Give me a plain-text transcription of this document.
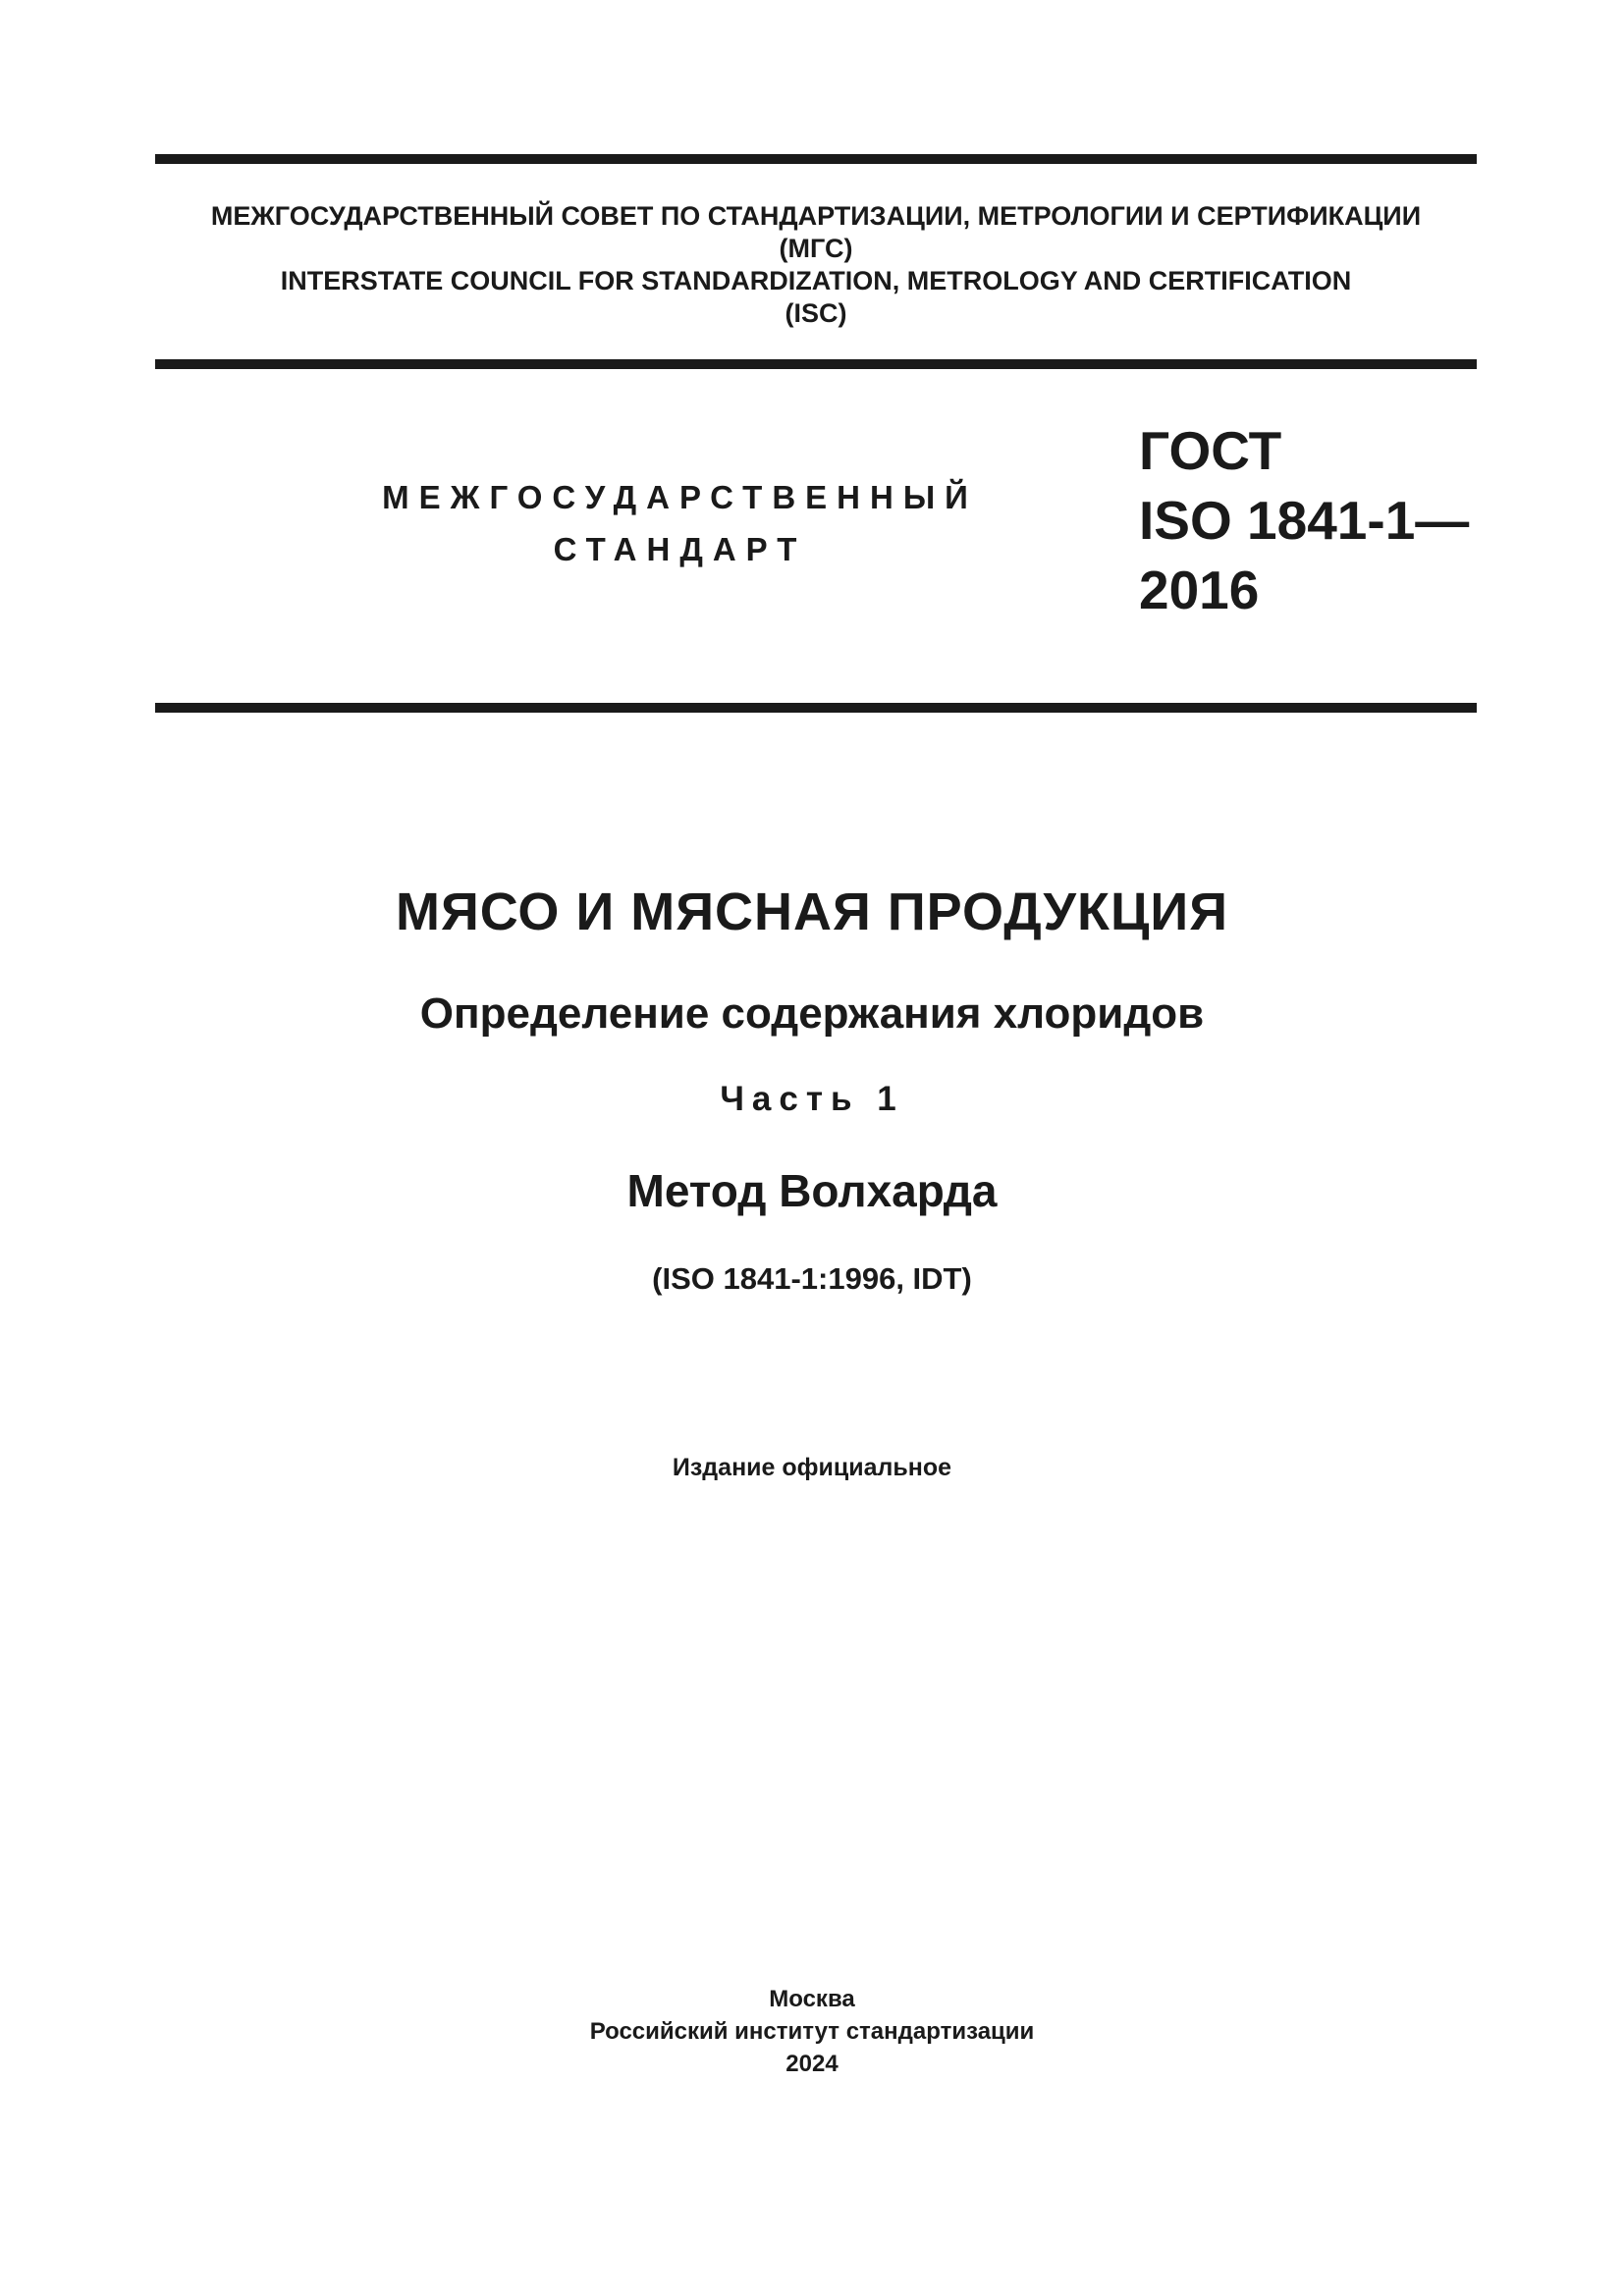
МЕЖГОСУДАРСТВЕННЫЙ СОВЕТ ПО СТАНДАРТИЗАЦИИ, МЕТРОЛОГИИ И СЕРТИФИКАЦИИ
(МГС)
INTERSTATE COUNCIL FOR STANDARDIZATION, METROLOGY AND CERTIFICATION
(ISC)
МЕЖГОСУДАРСТВЕННЫЙ
СТАНДАРТ
ГОСТ
ISO 1841-1—
2016
МЯСО И МЯСНАЯ ПРОДУКЦИЯ
Определение содержания хлоридов
Часть 1
Метод Волхарда
(ISO 1841-1:1996, IDT)
Издание официальное
Москва
Российский институт стандартизации
2024
